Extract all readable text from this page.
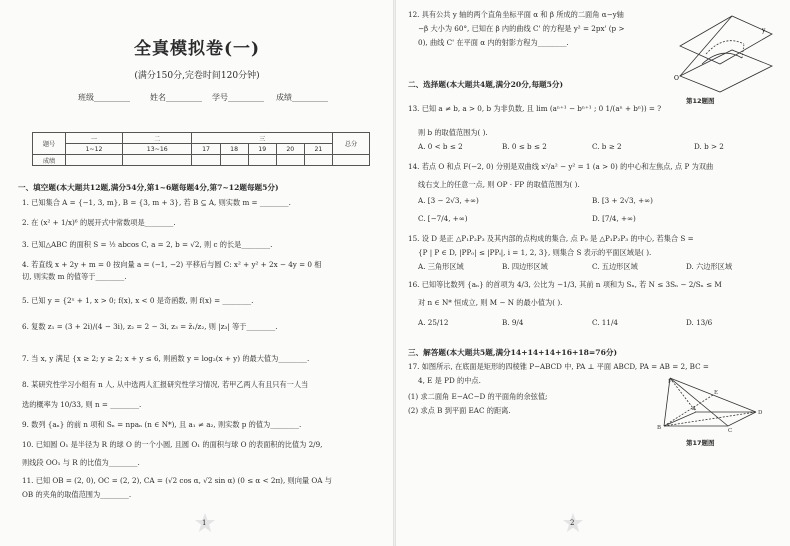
全真模拟卷(一)
(满分150分,完卷时间120分钟)
班级_________	姓名_________ 学号_________ 成绩_________
题号	一	二	三					总分
	1~12	13~16	17	18	19	20	21	
成绩								
一、填空题(本大题共12题,满分54分,第1~6题每题4分,第7~12题每题5分)
1. 已知集合 A = {−1, 3, m}, B = {3, m + 3}, 若 B ⊆ A, 则实数 m = ________.
2. 在 (x² + 1/x)⁶ 的展开式中常数项是________.
3. 已知△ABC 的面积 S = ½ abcos C, a = 2, b = √2, 则 c 的长是________.
4. 若直线 x + 2y + m = 0 按向量 a = (−1, −2) 平移后与圆 C: x² + y² + 2x − 4y = 0 相
切, 则实数 m 的值等于________.
5. 已知 y = {2ˣ + 1, x > 0; f(x), x < 0 是奇函数, 则 f(x) = ________.
6. 复数 z₁ = (3 + 2i)/(4 − 3i), z₂ = 2 − 3i, z₃ = z̄₁/z₂, 则 |z₃| 等于________.
7. 当 x, y 满足 {x ≥ 2; y ≥ 2; x + y ≤ 6, 则函数 y = log₂(x + y) 的最大值为________.
8. 某研究性学习小组有 n 人, 从中选两人汇报研究性学习情况, 若甲乙两人有且只有一人当
选的概率为 10/33, 则 n = ________.
9. 数列 {aₙ} 的前 n 项和 Sₙ = npaₙ (n ∈ N*), 且 a₁ ≠ a₂, 则实数 p 的值为________.
10. 已知圆 O₁ 是半径为 R 的球 O 的一个小圆, 且圆 O₁ 的面积与球 O 的表面积的比值为 2/9,
则线段 OO₁ 与 R 的比值为________.
11. 已知 OB = (2, 0), OC = (2, 2), CA = (√2 cos α, √2 sin α) (0 ≤ α < 2π), 则向量 OA 与
OB 的夹角的取值范围为________.
1
12. 具有公共 y 轴的两个直角坐标平面 α 和 β 所成的二面角 α−y轴
−β 大小为 60°, 已知在 β 内的曲线 C' 的方程是 y² = 2px' (p >
0), 曲线 C' 在平面 α 内的射影方程为________.
O
y
第12题图
二、选择题(本大题共4题,满分20分,每题5分)
13. 已知 a ≠ b, a > 0, b 为非负数, 且 lim (aⁿ⁺¹ − bⁿ⁺¹ ; 0 1/(aⁿ + bⁿ)) = ?
则 b 的取值范围为( ).
A. 0 < b ≤ 2	B. 0 ≤ b ≤ 2	C. b ≥ 2	D. b > 2
14. 若点 O 和点 F(−2, 0) 分别是双曲线 x²/a² − y² = 1 (a > 0) 的中心和左焦点, 点 P 为双曲
线右支上的任意一点, 则 OP · FP 的取值范围为( ).
A. [3 − 2√3, +∞)	B. [3 + 2√3, +∞)
C. [−7/4, +∞)	D. [7/4, +∞)
15. 设 D 是正 △P₁P₂P₃ 及其内部的点构成的集合, 点 P₀ 是 △P₁P₂P₃ 的中心, 若集合 S =
{P | P ∈ D, |PP₀| ≤ |PPᵢ|, i = 1, 2, 3}, 则集合 S 表示的平面区域是( ).
A. 三角形区域	B. 四边形区域	C. 五边形区域	D. 六边形区域
16. 已知等比数列 {aₙ} 的首项为 4/3, 公比为 −1/3, 其前 n 项和为 Sₙ, 若 N ≤ 3Sₙ − 2/Sₙ ≤ M
对 n ∈ N* 恒成立, 则 M − N 的最小值为( ).
A. 25/12	B. 9/4	C. 11/4	D. 13/6
三、解答题(本大题共5题,满分14+14+14+16+18=76分)
17. 如图所示, 在底面是矩形的四棱锥 P−ABCD 中, PA ⊥ 平面 ABCD, PA = AB = 2, BC =
4, E 是 PD 的中点.
(1) 求二面角 E−AC−D 的平面角的余弦值;
(2) 求点 B 到平面 EAC 的距离.
P
B	C
D
A
E
第17题图
2
